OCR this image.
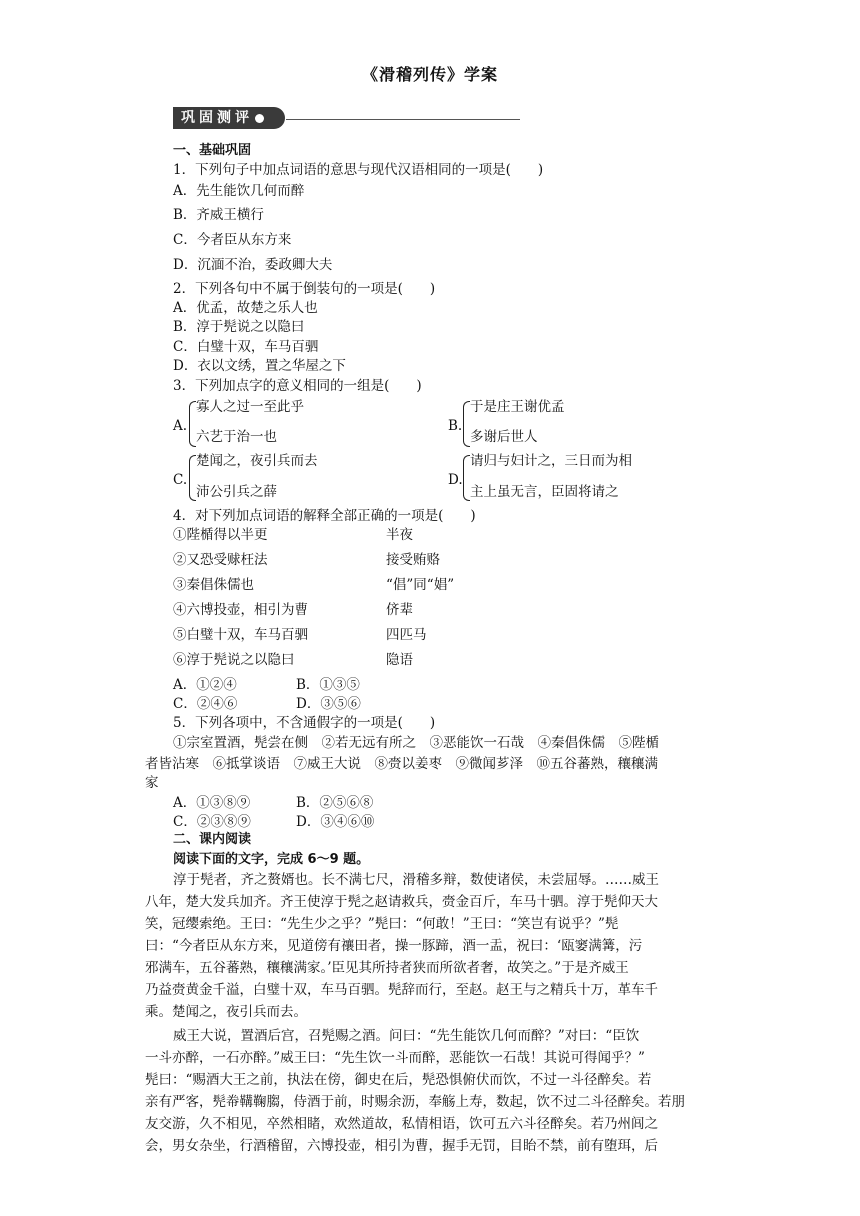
《滑稽列传》学案
巩固测评
一、基础巩固
1．下列句子中加点词语的意思与现代汉语相同的一项是(　　)
A．先生能饮几何而醉
B．齐威王横行
C．今者臣从东方来
D．沉湎不治，委政卿大夫
2．下列各句中不属于倒装句的一项是(　　)
A．优孟，故楚之乐人也
B．淳于髡说之以隐曰
C．白璧十双，车马百驷
D．衣以文绣，置之华屋之下
3．下列加点字的意义相同的一组是(　　)
A.
寡人之过一至此乎
六艺于治一也
B.
于是庄王谢优孟
多谢后世人
C.
楚闻之，夜引兵而去
沛公引兵之薛
D.
请归与妇计之，三日而为相
主上虽无言，臣固将请之
4．对下列加点词语的解释全部正确的一项是(　　)
①陛楯得以半更	半夜
②又恐受赇枉法	接受贿赂
③秦倡侏儒也	“倡”同“娼”
④六博投壶，相引为曹	侪辈
⑤白璧十双，车马百驷	四匹马
⑥淳于髡说之以隐曰	隐语
A．①②④	B．①③⑤
C．②④⑥	D．③⑤⑥
5．下列各项中，不含通假字的一项是(　　)
①宗室置酒，髡尝在侧　②若无远有所之　③恶能饮一石哉　④秦倡侏儒　⑤陛楯
者皆沾寒　⑥抵掌谈语　⑦威王大说　⑧赍以姜枣　⑨微闻芗泽　⑩五谷蕃熟，穰穰满
家
A．①③⑧⑨	B．②⑤⑥⑧
C．②③⑧⑨	D．③④⑥⑩
二、课内阅读
阅读下面的文字，完成 6～9 题。
淳于髡者，齐之赘婿也。长不满七尺，滑稽多辩，数使诸侯，未尝屈辱。……威王
八年，楚大发兵加齐。齐王使淳于髡之赵请救兵，赍金百斤，车马十驷。淳于髡仰天大
笑，冠缨索绝。王曰：“先生少之乎？”髡曰：“何敢！”王曰：“笑岂有说乎？”髡
曰：“今者臣从东方来，见道傍有禳田者，操一豚蹄，酒一盂，祝曰：‘瓯窭满篝，污
邪满车，五谷蕃熟，穰穰满家。’臣见其所持者狭而所欲者奢，故笑之。”于是齐威王
乃益赍黄金千溢，白璧十双，车马百驷。髡辞而行，至赵。赵王与之精兵十万，革车千
乘。楚闻之，夜引兵而去。
威王大说，置酒后宫，召髡赐之酒。问曰：“先生能饮几何而醉？”对曰：“臣饮
一斗亦醉，一石亦醉。”威王曰：“先生饮一斗而醉，恶能饮一石哉！其说可得闻乎？”
髡曰：“赐酒大王之前，执法在傍，御史在后，髡恐惧俯伏而饮，不过一斗径醉矣。若
亲有严客，髡帣鞲鞠䐢，侍酒于前，时赐余沥，奉觞上寿，数起，饮不过二斗径醉矣。若朋
友交游，久不相见，卒然相睹，欢然道故，私情相语，饮可五六斗径醉矣。若乃州闾之
会，男女杂坐，行酒稽留，六博投壶，相引为曹，握手无罚，目眙不禁，前有堕珥，后
